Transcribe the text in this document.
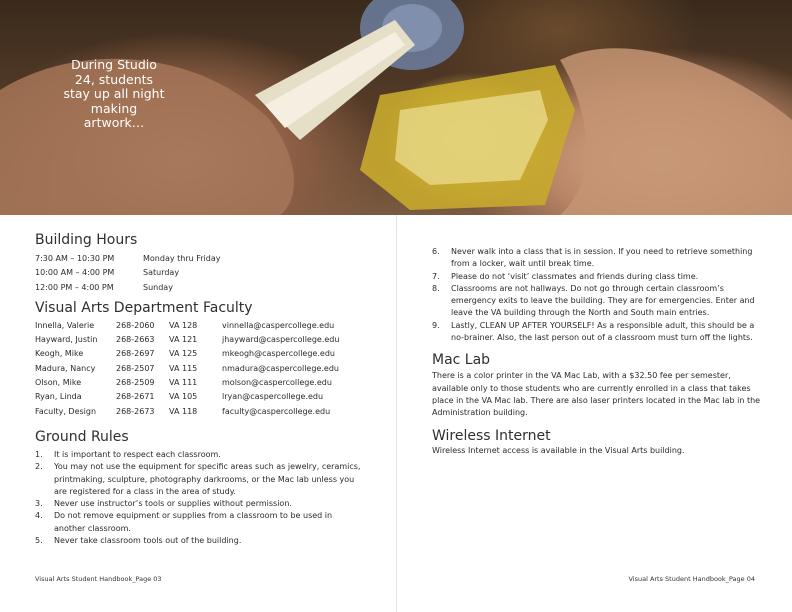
During Studio 24, students stay up all night making artwork…
Building Hours
7:30 AM – 10:30 PM	Monday thru Friday
10:00 AM – 4:00 PM	Saturday
12:00 PM – 4:00 PM	Sunday
Visual Arts Department Faculty
Innella, Valerie	268-2060	VA 128	vinnella@caspercollege.edu
Hayward, Justin	268-2663	VA 121	jhayward@caspercollege.edu
Keogh, Mike	268-2697	VA 125	mkeogh@caspercollege.edu
Madura, Nancy	268-2507	VA 115	nmadura@caspercollege.edu
Olson, Mike	268-2509	VA 111	molson@caspercollege.edu
Ryan, Linda	268-2671	VA 105	lryan@caspercollege.edu
Faculty, Design	268-2673	VA 118	faculty@caspercollege.edu
Ground Rules
1.	It is important to respect each classroom.
2.	You may not use the equipment for specific areas such as jewelry, ceramics, printmaking, sculpture, photography darkrooms, or the Mac lab unless you are registered for a class in the area of study.
3.	Never use instructor’s tools or supplies without permission.
4.	Do not remove equipment or supplies from a classroom to be used in another classroom.
5.	Never take classroom tools out of the building.
6.	Never walk into a class that is in session. If you need to retrieve something from a locker, wait until break time.
7.	Please do not ‘visit’ classmates and friends during class time.
8.	Classrooms are not hallways. Do not go through certain classroom’s emergency exits to leave the building. They are for emergencies. Enter and leave the VA building through the North and South main entries.
9.	Lastly, CLEAN UP AFTER YOURSELF! As a responsible adult, this should be a no-brainer. Also, the last person out of a classroom must turn off the lights.
Mac Lab

There is a color printer in the VA Mac Lab, with a $32.50 fee per semester, available only to those students who are currently enrolled in a class that takes place in the VA Mac lab. There are also laser printers located in the Mac lab in the Administration building.

Wireless Internet

Wireless Internet access is available in the Visual Arts building.

Visual Arts Student Handbook_Page 03	Visual Arts Student Handbook_Page 04
